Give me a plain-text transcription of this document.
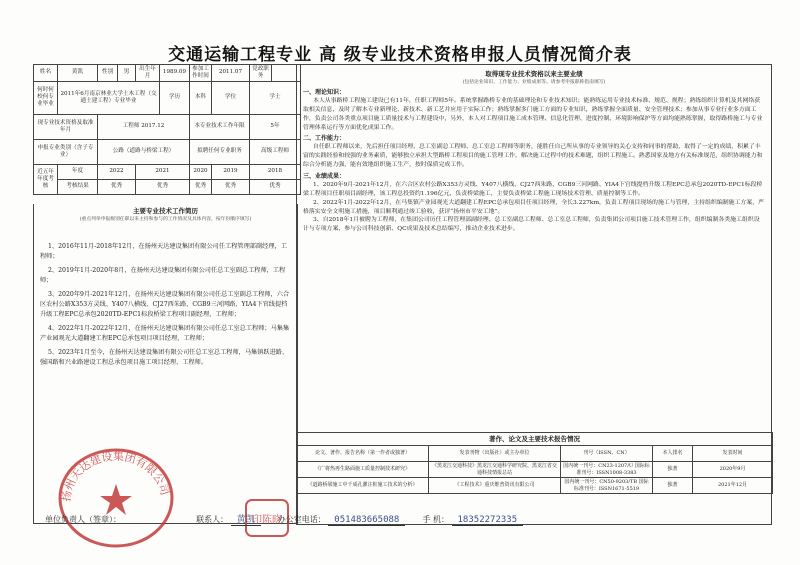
交通运输工程专业 高 级专业技术资格申报人员情况简介表
姓名	黄凯	性别	男	出生年月	1989.09	参加工作时间	2011.07	党政职务	
何时何校何专业毕业	2011年6月南京林业大学土木工程（交通土建工程）专业毕业				学历	本科	学位	学士	
现专业技术资格及取准年月		工程师 2017.12				本专业技术工作年限		5年	
申报专业类别（含子专业）		公路（道路与桥梁工程）				拟聘任何专业职务		高级工程师	
近五年年度考核	年度	2022		2021		2020	2019	2018	
	考核结果	优秀		优秀		优秀	优秀	优秀	
主要专业技术工作简历
(重点列举申报级别任职以来主持和参与的工作情况及具体内容，按年份顺序填写)
1、2016年11月-2018年12月，在扬州天达建设集团有限公司任工程管理部副经理，工程师；
2、2019年1月-2020年8月，在扬州天达建设集团有限公司任总工室副总工程师，工程师；
3、2020年9月-2021年12月，在扬州天达建设集团有限公司任总工室副总工程师，六合区农村公路X353方灵线、Y407八横线、CJ27西朱路、CGB9三河网路、YIA4下官线提档升级工程EPC总承包2020TD-EPC1标段桥梁工程项目副经理，工程师；
4、2022年1月-2022年12月，在扬州天达建设集团有限公司任总工室总工程师；马集集产业园观光大道翻建工程EPC总承包项目项目经理，工程师；
5、2023年1月至今，在扬州天达建设集团有限公司任总工室总工程师，马集镇跃进路、强国路和兴业路建设工程总承包项目施工项目经理，工程师。
取得现专业技术资格以来主要业绩
(包括论业知识、工作能力、业绩成果等。请参考申报职称指南填写)
一、理论知识：

本人从事路桥工程施工建设已有11年，任职工程师5年。系统掌握路桥专业的基础理论和专业技术知识；能熟练运用专业技术标准、规范、规程；熟练组织计算机及其网络获取相关信息，及时了解本专业新理论、新技术、新工艺并应用于实际工作；熟练掌握多门施工方面的专业知识，熟练掌握全面质量、安全管理技术；参加从事专业行业多方面工作，负责公司各类重点项目施工质量技术与工程建设中，另外，本人对工程项目施工成本管理、信息化管理、进度控制、环境影响保护等方面均能熟练掌握，取得路桥施工与专业管理体系运行等方面优化成果工作。

二、工作能力：

自任职工程师以来，先后担任项目经理、总工室副总工程师、总工室总工程师等职务，能胜任自己所从事的专业领导的关心支持和同事的帮助，取得了一定的成绩，积累了丰富的实践经验和较强的业务素质，能够独立承担大型路桥工程项目的施工管理工作，解决施工过程中的技术难题，组织工程施工。熟悉国家及地方有关标准规范，组织协调能力和综合分析能力强，能有效地组织施工生产，按时保质完成工作。

三、业绩成果：

1、2020年9月-2021年12月，在六合区农村公路X353方灵线、Y407八横线、CJ27西朱路、CGB9三河网路、YIA4下官线提档升级工程EPC总承包2020TD-EPC1标段桥梁工程项目任职项目副经理，该工程总投资约1.196亿元，负责桥梁施工，主要负责桥梁工程施工现场技术管理、质量控制等工作。

2、2022年1月-2022年12月，在马集镇产业园观光大道翻建工程EPC总承包项目任项目经理，全长3.227km，负责工程项目现场的施工与管理，主持组织编制施工方案，严格落实安全文明施工措施，项目顺利通过竣工验收，获评“扬州市平安工地”。

3、自2018年1月被聘为工程师，在集团公司历任工程管理部副经理、总工室副总工程师、总工室总工程师，负责集团公司项目施工技术管理工作，组织编制各类施工组织设计与专项方案，参与公司科技创新、QC成果及技术总结编写，推动企业技术进步。

著作、论文及主要技术报告情况				
论文、著作、报告名称（第一作者或独著）	发表刊物（出版社）或主办单位	刊号（ISSN、CN）	本人排名	发表时间
《广将热再生路面施工质量控制技术研究》	《黑龙江交通科技》黑龙江交通科学研究院、黑龙江省交通科技情报总站	国内统一刊号：CN23-1207/U 国际标准刊号：ISSN1008-3383	独著	2020年9月
《道路桥梁施工中千成孔灌注桩施工技术的分析》	《工程技术》重庆维普资讯有限公司	国内统一刊号：CN50-9203/TB 国际标准刊号：ISSN1671-5519	独著	2021年12月
扬州天达建设集团有限公司
印陈晓
单位负责人（签章）：	联系人： 黄凯	办公室电话： 051483665088	手 机： 18352272335
